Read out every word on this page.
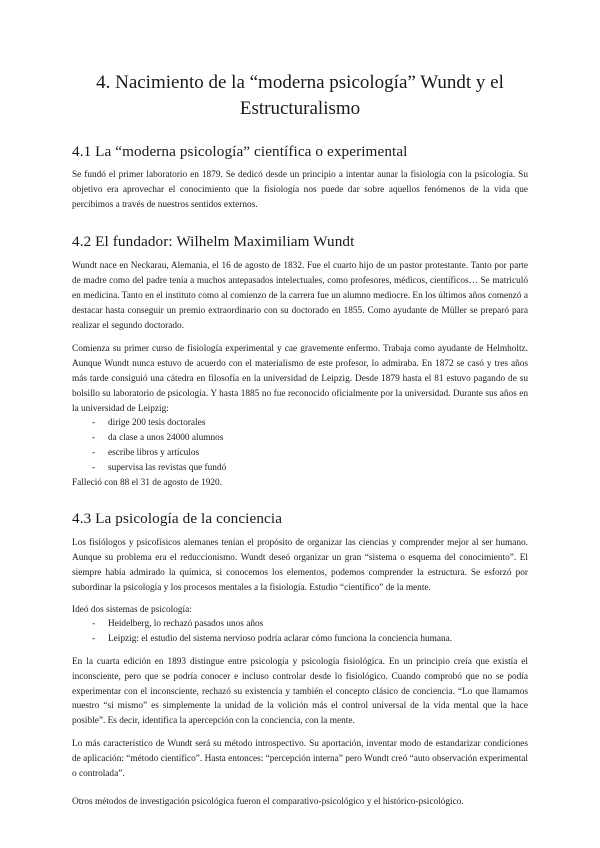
4. Nacimiento de la “moderna psicología” Wundt y el Estructuralismo
4.1 La “moderna psicología” científica o experimental

Se fundó el primer laboratorio en 1879. Se dedicó desde un principio a intentar aunar la fisiología con la psicología. Su objetivo era aprovechar el conocimiento que la fisiología nos puede dar sobre aquellos fenómenos de la vida que percibimos a través de nuestros sentidos externos.

4.2 El fundador: Wilhelm Maximiliam Wundt

Wundt nace en Neckarau, Alemania, el 16 de agosto de 1832. Fue el cuarto hijo de un pastor protestante. Tanto por parte de madre como del padre tenía a muchos antepasados intelectuales, como profesores, médicos, científicos… Se matriculó en medicina. Tanto en el instituto como al comienzo de la carrera fue un alumno mediocre. En los últimos años comenzó a destacar hasta conseguir un premio extraordinario con su doctorado en 1855. Como ayudante de Müller se preparó para realizar el segundo doctorado.

Comienza su primer curso de fisiología experimental y cae gravemente enfermo. Trabaja como ayudante de Helmholtz. Aunque Wundt nunca estuvo de acuerdo con el materialismo de este profesor, lo admiraba. En 1872 se casó y tres años más tarde consiguió una cátedra en filosofía en la universidad de Leipzig. Desde 1879 hasta el 81 estuvo pagando de su bolsillo su laboratorio de psicología. Y hasta 1885 no fue reconocido oficialmente por la universidad. Durante sus años en la universidad de Leipzig:

- dirige 200 tesis doctorales
- da clase a unos 24000 alumnos
- escribe libros y artículos
- supervisa las revistas que fundó

Falleció con 88 el 31 de agosto de 1920.

4.3 La psicología de la conciencia

Los fisiólogos y psicofísicos alemanes tenían el propósito de organizar las ciencias y comprender mejor al ser humano. Aunque su problema era el reduccionismo. Wundt deseó organizar un gran “sistema o esquema del conocimiento”. El siempre había admirado la química, si conocemos los elementos, podemos comprender la estructura. Se esforzó por subordinar la psicología y los procesos mentales a la fisiología. Estudio “científico” de la mente.

Ideó dos sistemas de psicología:

- Heidelberg, lo rechazó pasados unos años
- Leipzig: el estudio del sistema nervioso podría aclarar cómo funciona la conciencia humana.

En la cuarta edición en 1893 distingue entre psicología y psicología fisiológica. En un principio creía que existía el inconsciente, pero que se podría conocer e incluso controlar desde lo fisiológico. Cuando comprobó que no se podía experimentar con el inconsciente, rechazó su existencia y también el concepto clásico de conciencia. “Lo que llamamos nuestro “sí mismo” es simplemente la unidad de la volición más el control universal de la vida mental que la hace posible”. Es decir, identifica la apercepción con la conciencia, con la mente.

Lo más característico de Wundt será su método introspectivo. Su aportación, inventar modo de estandarizar condiciones de aplicación: “método científico”. Hasta entonces: “percepción interna” pero Wundt creó “auto observación experimental o controlada”.

Otros métodos de investigación psicológica fueron el comparativo-psicológico y el histórico-psicológico.
